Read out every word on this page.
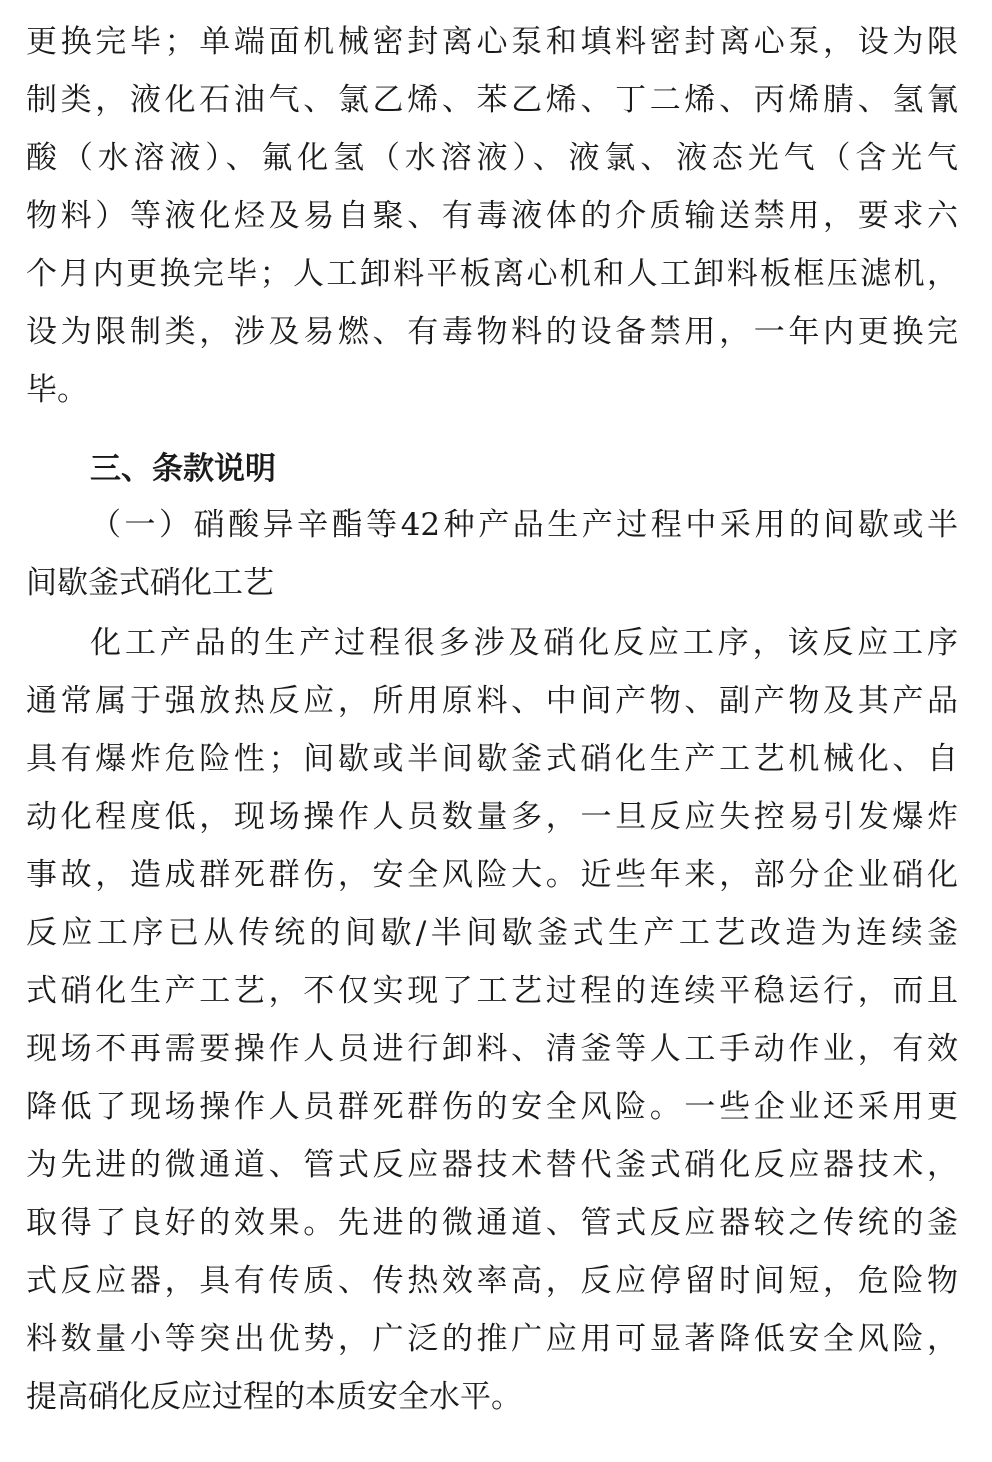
更换完毕；单端面机械密封离心泵和填料密封离心泵，设为限
制类，液化石油气、氯乙烯、苯乙烯、丁二烯、丙烯腈、氢氰
酸（水溶液）、氟化氢（水溶液）、液氯、液态光气（含光气
物料）等液化烃及易自聚、有毒液体的介质输送禁用，要求六
个月内更换完毕；人工卸料平板离心机和人工卸料板框压滤机，
设为限制类，涉及易燃、有毒物料的设备禁用，一年内更换完
毕。
三、条款说明
（一）硝酸异辛酯等42种产品生产过程中采用的间歇或半
间歇釜式硝化工艺
化工产品的生产过程很多涉及硝化反应工序，该反应工序
通常属于强放热反应，所用原料、中间产物、副产物及其产品
具有爆炸危险性；间歇或半间歇釜式硝化生产工艺机械化、自
动化程度低，现场操作人员数量多，一旦反应失控易引发爆炸
事故，造成群死群伤，安全风险大。近些年来，部分企业硝化
反应工序已从传统的间歇/半间歇釜式生产工艺改造为连续釜
式硝化生产工艺，不仅实现了工艺过程的连续平稳运行，而且
现场不再需要操作人员进行卸料、清釜等人工手动作业，有效
降低了现场操作人员群死群伤的安全风险。一些企业还采用更
为先进的微通道、管式反应器技术替代釜式硝化反应器技术，
取得了良好的效果。先进的微通道、管式反应器较之传统的釜
式反应器，具有传质、传热效率高，反应停留时间短，危险物
料数量小等突出优势，广泛的推广应用可显著降低安全风险，
提高硝化反应过程的本质安全水平。
